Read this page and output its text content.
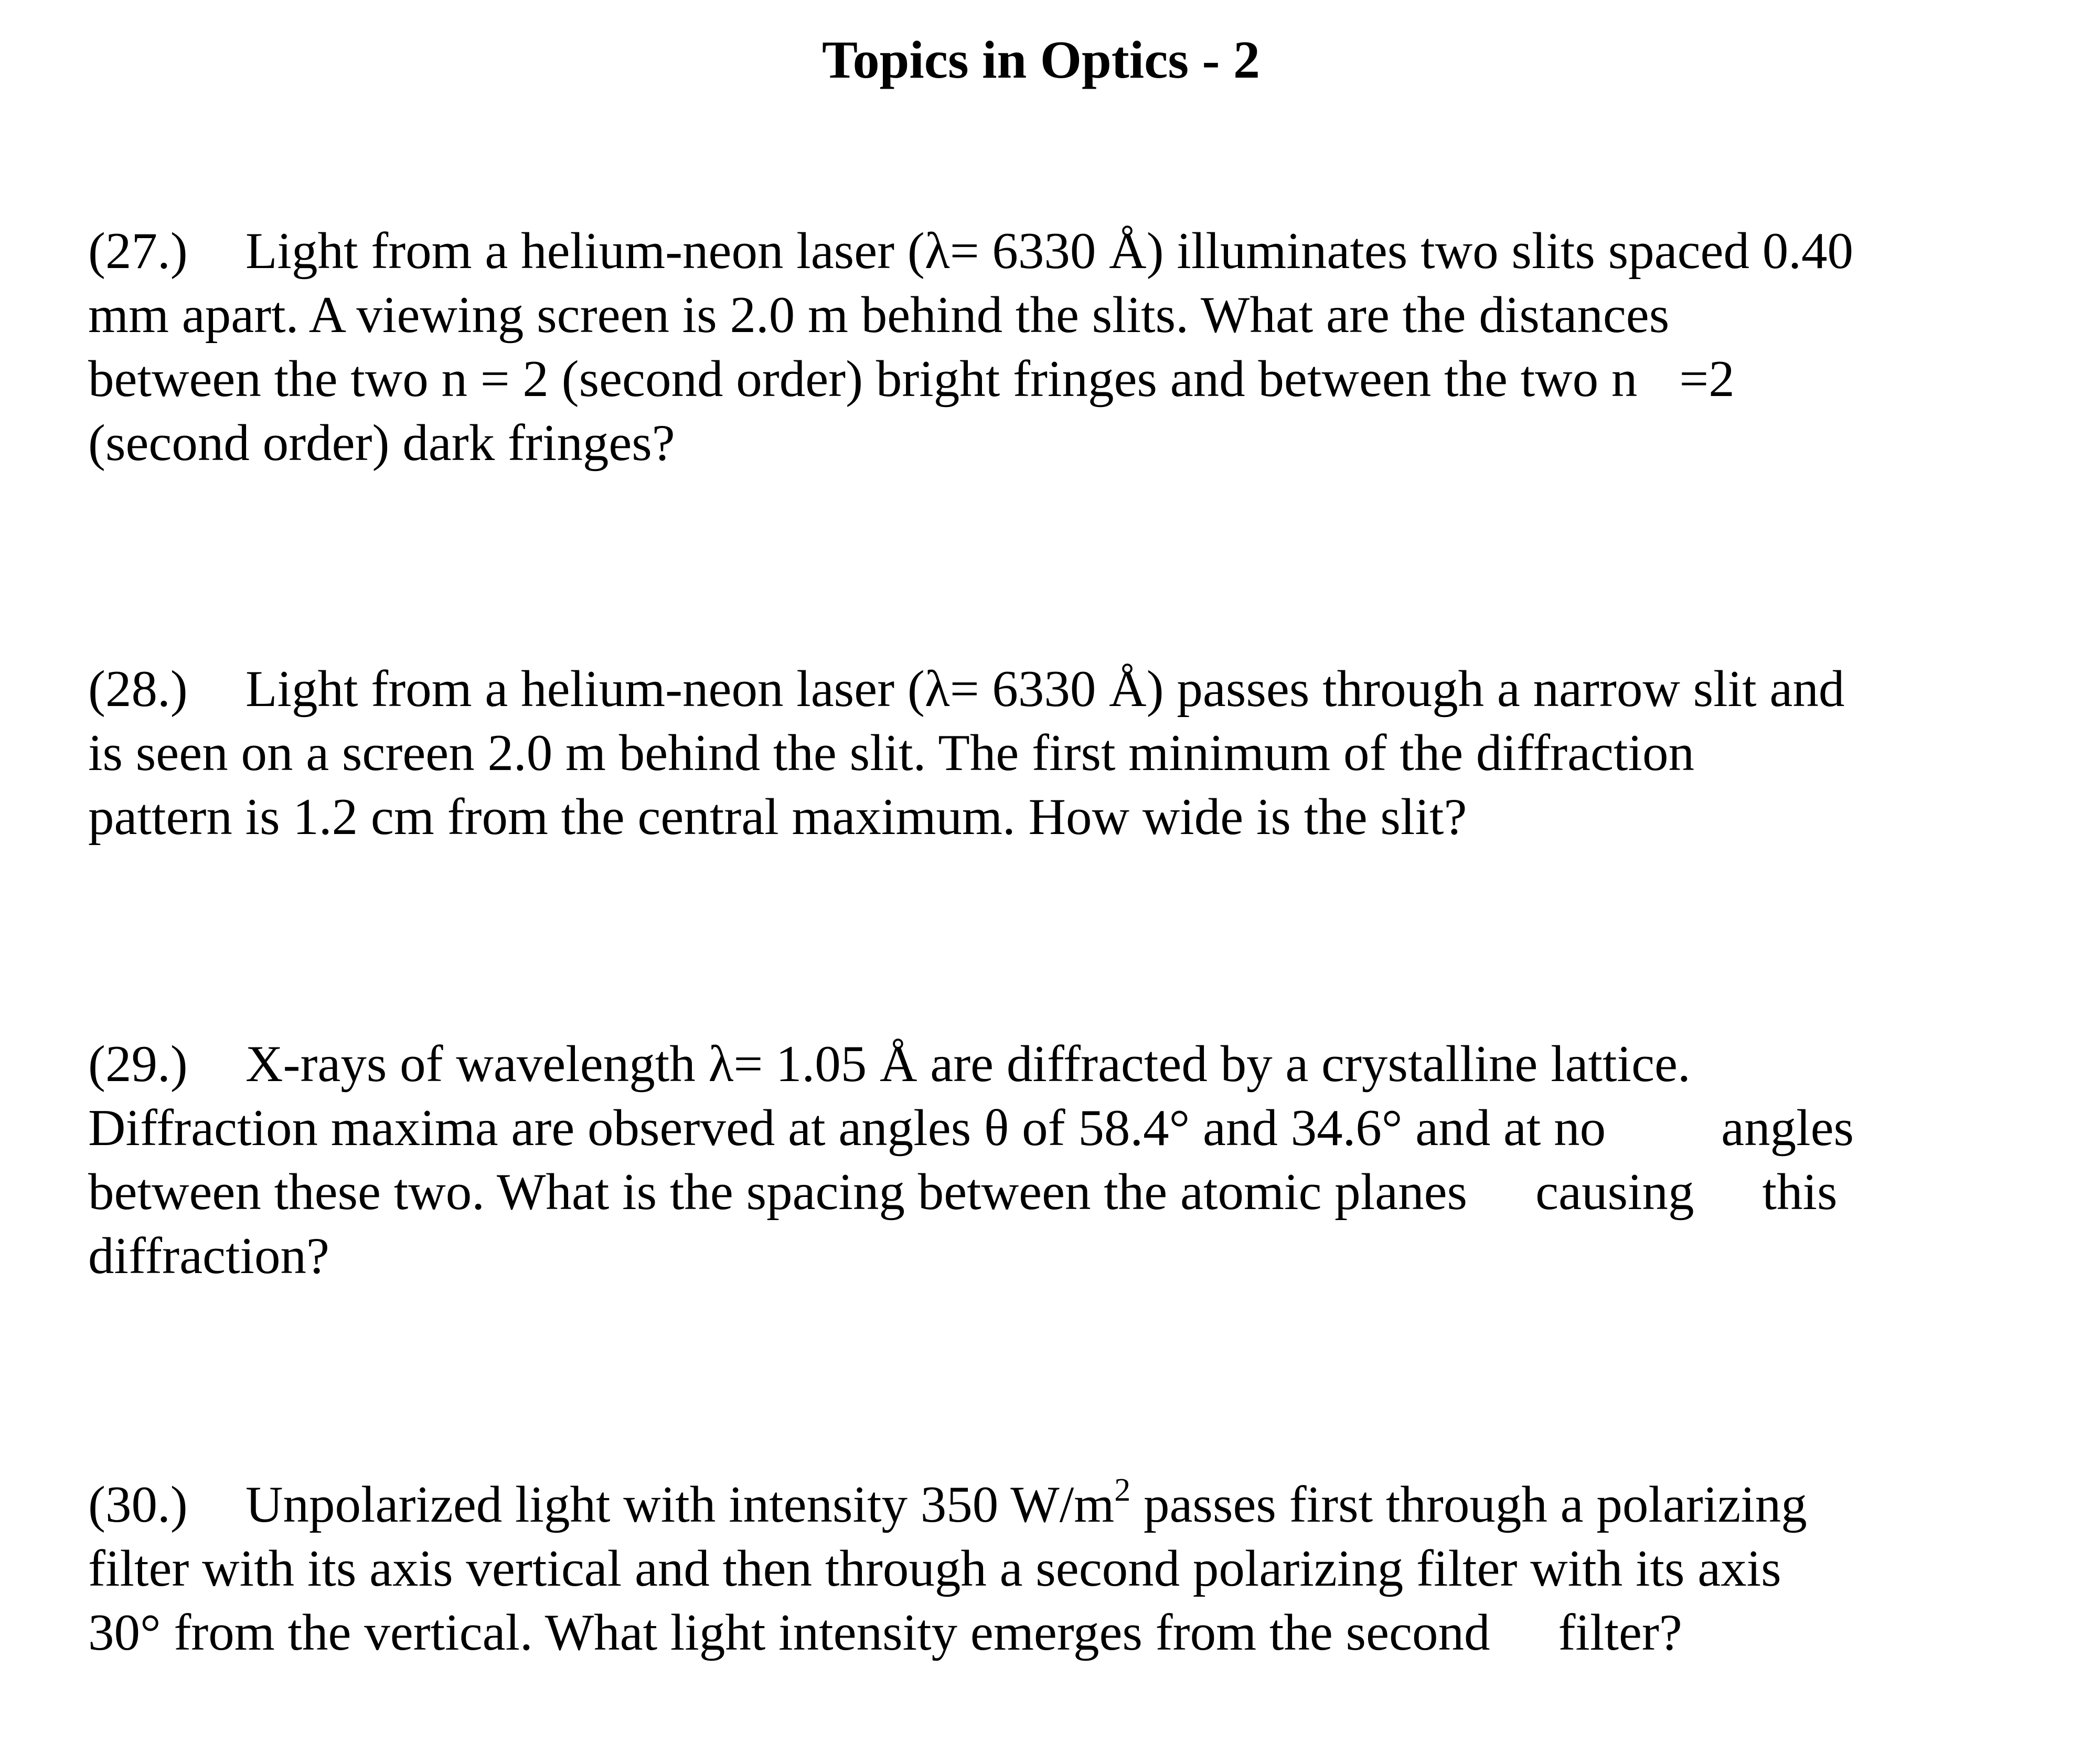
Topics in Optics - 2
(27.) Light from a helium-neon laser (λ= 6330 Å) illuminates two slits spaced 0.40
mm apart. A viewing screen is 2.0 m behind the slits. What are the distances
between the two n = 2 (second order) bright fringes and between the two n =2
(second order) dark fringes?
(28.) Light from a helium-neon laser (λ= 6330 Å) passes through a narrow slit and
is seen on a screen 2.0 m behind the slit. The first minimum of the diffraction
pattern is 1.2 cm from the central maximum. How wide is the slit?
(29.) X-rays of wavelength λ= 1.05 Å are diffracted by a crystalline lattice.
Diffraction maxima are observed at angles θ of 58.4° and 34.6° and at no angles
between these two. What is the spacing between the atomic planes causing this
diffraction?
(30.) Unpolarized light with intensity 350 $W/m^2$ passes first through a polarizing
filter with its axis vertical and then through a second polarizing filter with its axis
30° from the vertical. What light intensity emerges from the second filter?
